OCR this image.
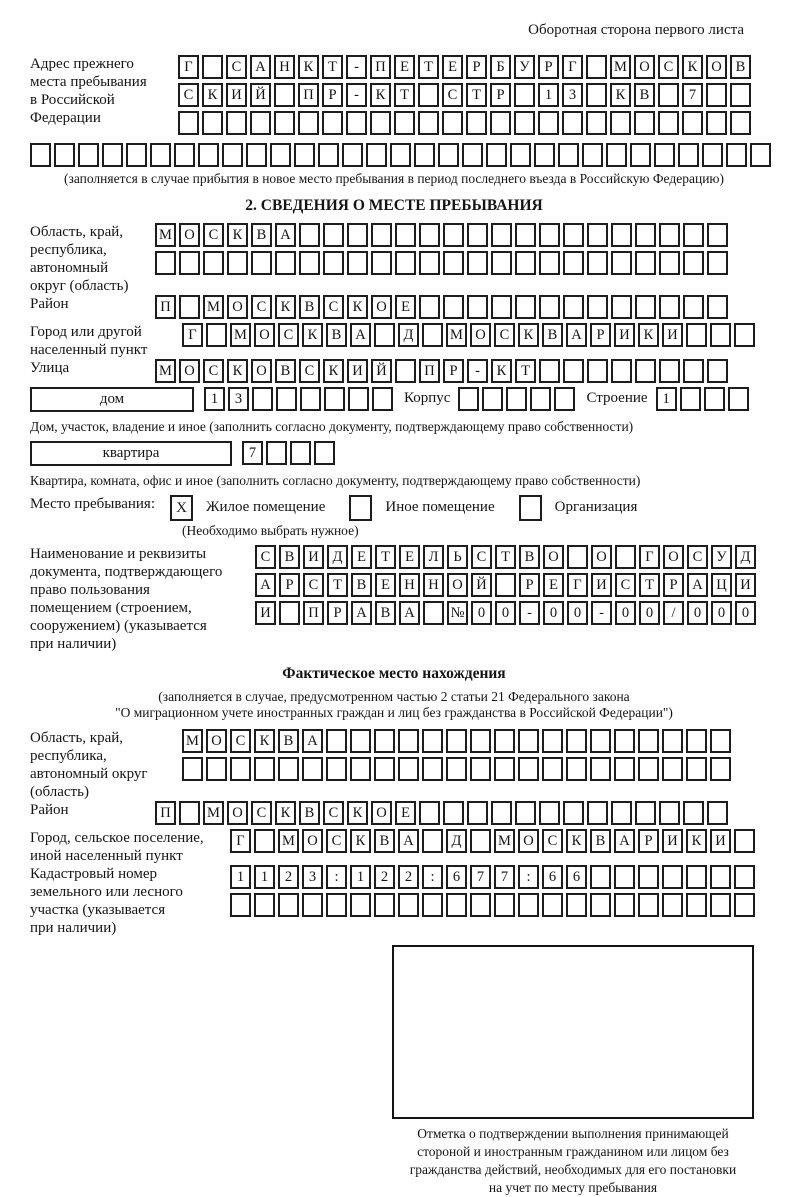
Оборотная сторона первого листа
Адрес прежнего
места пребывания
в Российской
Федерации
Г	С А Н К	Т	-	П Е	Т	Е	Р	Б	У	Р	Г	М О С К О В
С К И Й	П	Р	-	К	Т	С	Т	Р	1	3	К В	7
(заполняется в случае прибытия в новое место пребывания в период последнего въезда в Российскую Федерацию)
2. СВЕДЕНИЯ О МЕСТЕ ПРЕБЫВАНИЯ
Область, край,
республика,
автономный
округ (область)
М О С К В А
Район	П	М О С К В С К О Е
Город или другой
населенный пункт
Г	М О С К В А	Д	М О С К В А	Р	И К И
Улица	М О С К О В С К И Й	П	Р	-	К	Т
дом	1	3	Корпус	Строение	1
Дом, участок, владение и иное (заполнить согласно документу, подтверждающему право собственности)
квартира	7
Квартира, комната, офис и иное (заполнить согласно документу, подтверждающему право собственности)
Место пребывания:	X	Жилое помещение	Иное помещение	Организация
(Необходимо выбрать нужное)
Наименование и реквизиты
документа, подтверждающего
право пользования
помещением (строением,
сооружением) (указывается
при наличии)
С В И Д	Е	Т	Е	Л	Ь	С	Т	В О	О	Г	О С У Д
А	Р	С	Т	В	Е Н Н О Й	Р	Е	Г	И С	Т	Р	А Ц И
И	П	Р	А В А	№ 0	0	-	0	0	-	0	0	/	0	0	0
Фактическое место нахождения
(заполняется в случае, предусмотренном частью 2 статьи 21 Федерального закона
"О миграционном учете иностранных граждан и лиц без гражданства в Российской Федерации")
Область, край,
республика,
автономный округ
(область)
М О С К В А
Район	П	М О С К В С К О Е
Город, сельское поселение,
иной населенный пункт
Г	М О С К В А	Д	М О С К В А	Р	И К И
Кадастровый номер
земельного или лесного
участка (указывается
при наличии)
1	1	2	3	:	1	2	2	:	6	7	7	:	6	6
Отметка о подтверждении выполнения принимающей
стороной и иностранным гражданином или лицом без
гражданства действий, необходимых для его постановки
на учет по месту пребывания
